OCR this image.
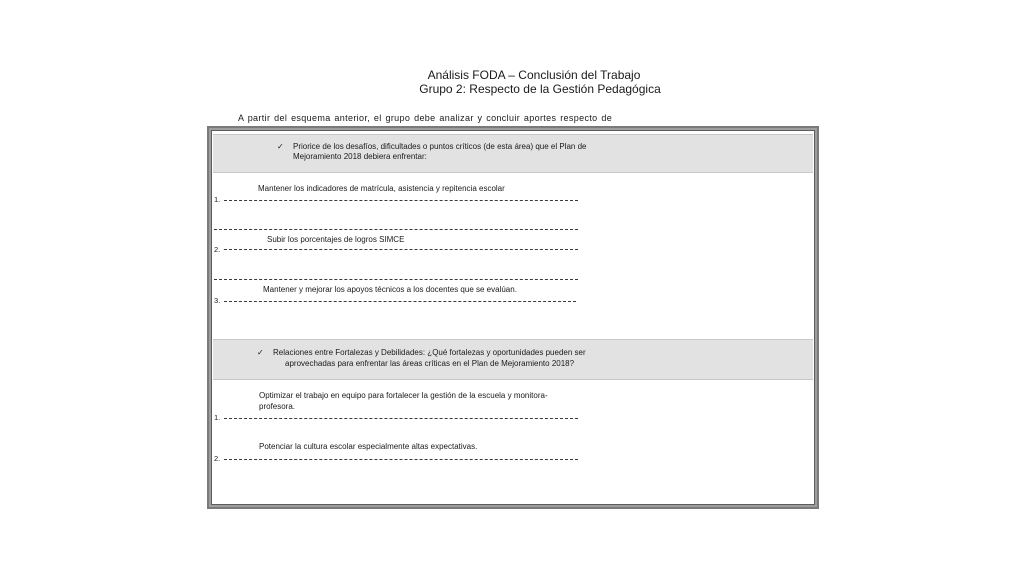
Análisis FODA – Conclusión del Trabajo
Grupo 2: Respecto de la Gestión Pedagógica
A partir del esquema anterior, el grupo debe analizar y concluir aportes respecto de
✓ Priorice de los desafíos, dificultades o puntos críticos (de esta área) que el Plan de
Mejoramiento 2018 debiera enfrentar:
Mantener los indicadores de matrícula, asistencia y repitencia escolar
1.
Subir los porcentajes de logros SIMCE
2.
Mantener y mejorar los apoyos técnicos a los docentes que se evalúan.
3.
✓ Relaciones entre Fortalezas y Debilidades: ¿Qué fortalezas y oportunidades pueden ser
aprovechadas para enfrentar las áreas críticas en el Plan de Mejoramiento 2018?
Optimizar el trabajo en equipo para fortalecer la gestión de la escuela y monitora-
profesora.
1.
Potenciar la cultura escolar especialmente altas expectativas.
2.
